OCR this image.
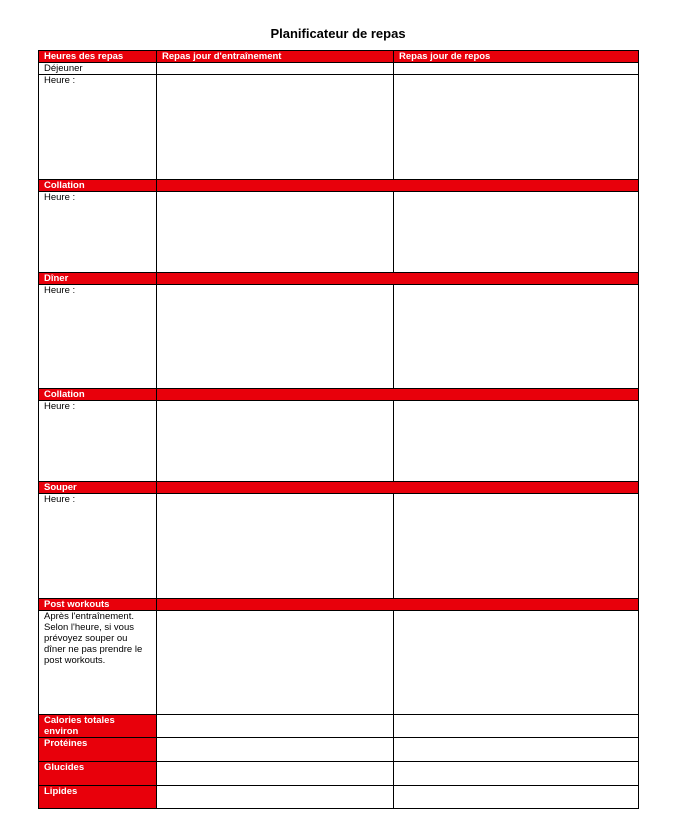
Planificateur de repas
Heures des repas	Repas jour d'entraînement	Repas jour de repos
Déjeuner		
Heure :		
Collation		
Heure :		
Dîner		
Heure :		
Collation		
Heure :		
Souper		
Heure :		
Post workouts		
Après l'entraînement. Selon l'heure, si vous prévoyez souper ou dîner ne pas prendre le post workouts.		
Calories totales environ		
Protéines		
Glucides		
Lipides		
